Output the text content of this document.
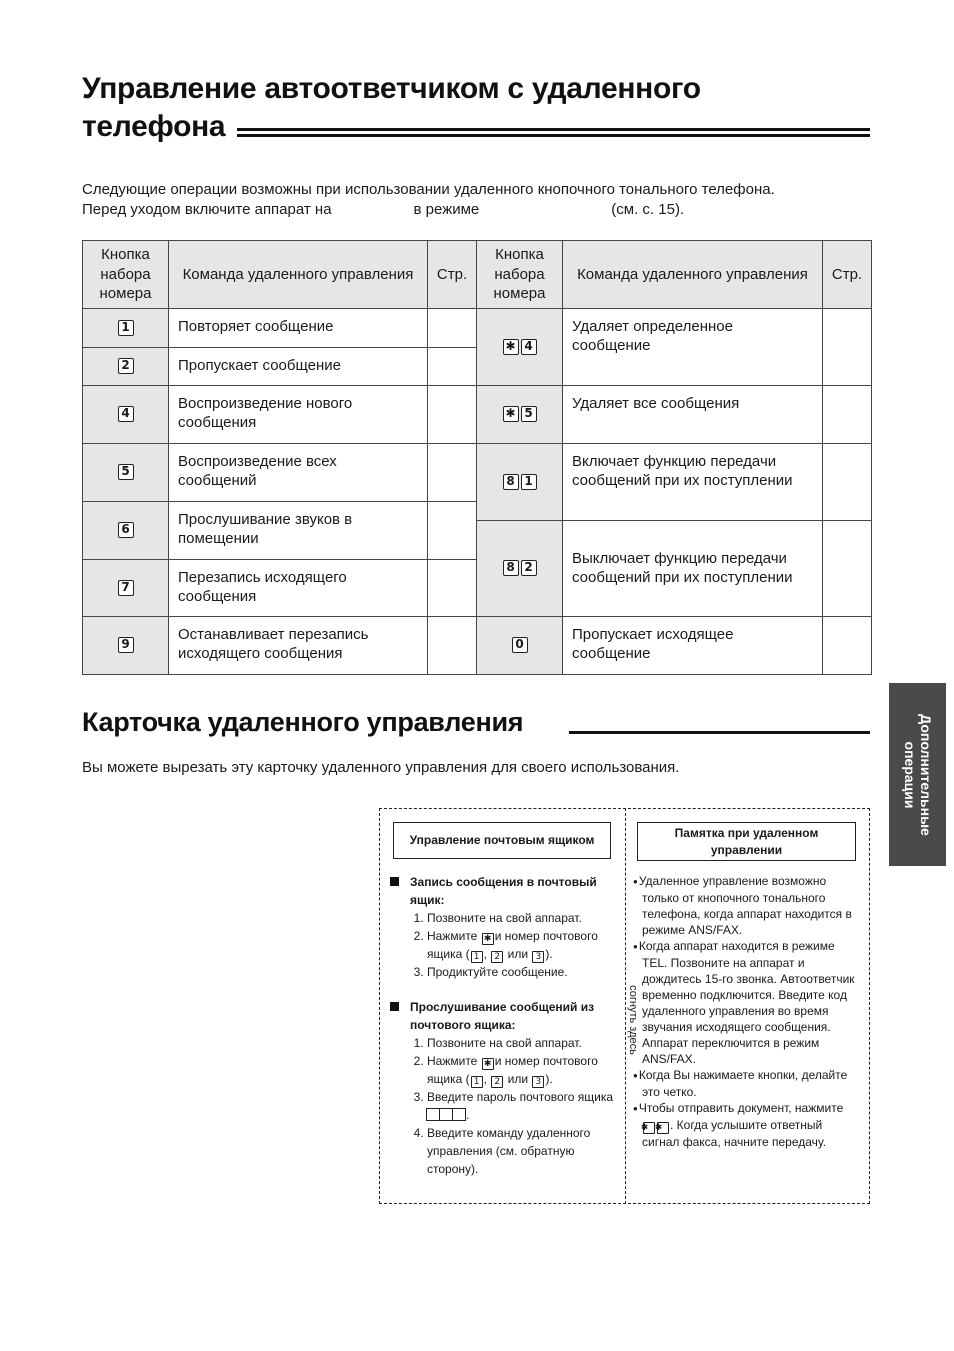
Управление автоответчиком с удаленного
телефона
Следующие операции возможны при использовании удаленного кнопочного тонального телефона.
Перед уходом включите аппарат на	в режиме	(см. с. 15).
Кнопка набора номера	Команда удаленного управления	Стр.	Кнопка набора номера	Команда удаленного управления	Стр.
1	Повторяет сообщение		✱ 4	Удаляет определенное сообщение	
2	Пропускает сообщение				
4	Воспроизведение нового сообщения		✱ 5	Удаляет все сообщения	
5	Воспроизведение всех сообщений		8 1	Включает функцию передачи сообщений при их поступлении	
6	Прослушивание звуков в помещении				
			8 2	Выключает функцию передачи сообщений при их поступлении	
7	Перезапись исходящего сообщения				
9	Останавливает перезапись исходящего сообщения		0	Пропускает исходящее сообщение	
Карточка удаленного управления
Вы можете вырезать эту карточку удаленного управления для своего использования.	Дополнительные
операции
согнуть здесь
Управление почтовым ящиком	Памятка при удаленном управлении
Запись сообщения в почтовый ящик:
1. Позвоните на свой аппарат.
2. Нажмите ✱ и номер почтового ящика ( 1 , 2 или 3 ).
3. Продиктуйте сообщение.
Прослушивание сообщений из почтового ящика:
1. Позвоните на свой аппарат.
2. Нажмите ✱ и номер почтового ящика ( 1 , 2 или 3 ).
3. Введите пароль почтового ящика .
4. Введите команду удаленного управления (см. обратную сторону).

● Удаленное управление возможно только от кнопочного тонального телефона, когда аппарат находится в режиме ANS/FAX.

● Когда аппарат находится в режиме TEL. Позвоните на аппарат и дождитесь 15-го звонка. Автоответчик временно подключится. Введите код удаленного управления во время звучания исходящего сообщения. Аппарат переключится в режим ANS/FAX.

● Когда Вы нажимаете кнопки, делайте это четко.

● Чтобы отправить документ, нажмите ✱ ✱ . Когда услышите ответный сигнал факса, начните передачу.
